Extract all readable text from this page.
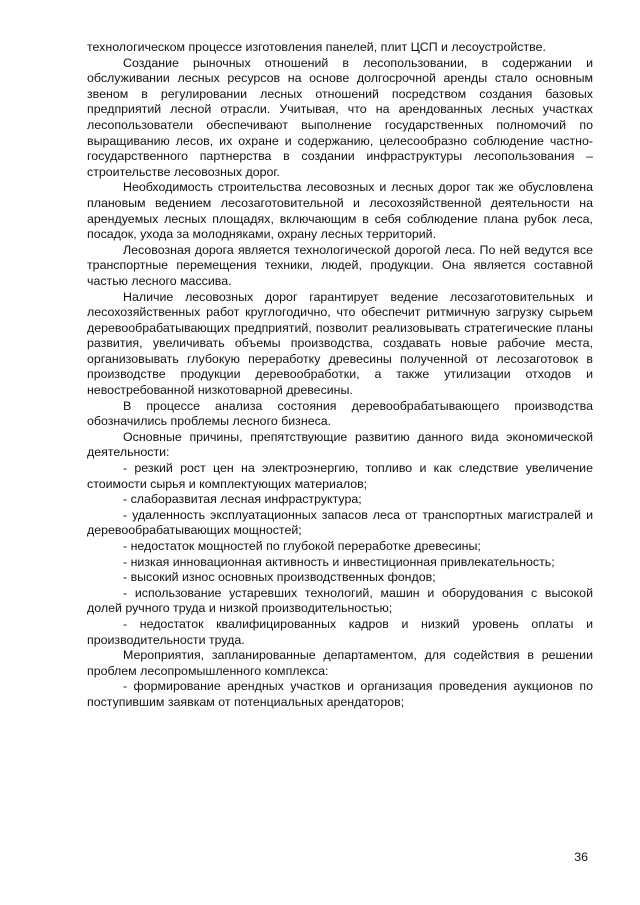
технологическом процессе изготовления панелей, плит ЦСП и лесоустройстве.

Создание рыночных отношений в лесопользовании, в содержании и обслуживании лесных ресурсов на основе долгосрочной аренды стало основным звеном в регулировании лесных отношений посредством создания базовых предприятий лесной отрасли. Учитывая, что на арендованных лесных участках лесопользователи обеспечивают выполнение государственных полномочий по выращиванию лесов, их охране и содержанию, целесообразно соблюдение частно-государственного партнерства в создании инфраструктуры лесопользования – строительстве лесовозных дорог.

Необходимость строительства лесовозных и лесных дорог так же обусловлена плановым ведением лесозаготовительной и лесохозяйственной деятельности на арендуемых лесных площадях, включающим в себя соблюдение плана рубок леса, посадок, ухода за молодняками, охрану лесных территорий.

Лесовозная дорога является технологической дорогой леса. По ней ведутся все транспортные перемещения техники, людей, продукции. Она является составной частью лесного массива.

Наличие лесовозных дорог гарантирует ведение лесозаготовительных и лесохозяйственных работ круглогодично, что обеспечит ритмичную загрузку сырьем деревообрабатывающих предприятий, позволит реализовывать стратегические планы развития, увеличивать объемы производства, создавать новые рабочие места, организовывать глубокую переработку древесины полученной от лесозаготовок в производстве продукции деревообработки, а также утилизации отходов и невостребованной низкотоварной древесины.

В процессе анализа состояния деревообрабатывающего производства обозначились проблемы лесного бизнеса.

Основные причины, препятствующие развитию данного вида экономической деятельности:

- резкий рост цен на электроэнергию, топливо и как следствие увеличение стоимости сырья и комплектующих материалов;

- слаборазвитая лесная инфраструктура;

- удаленность эксплуатационных запасов леса от транспортных магистралей и деревообрабатывающих мощностей;

- недостаток мощностей по глубокой переработке древесины;

- низкая инновационная активность и инвестиционная привлекательность;

- высокий износ основных производственных фондов;

- использование устаревших технологий, машин и оборудования с высокой долей ручного труда и низкой производительностью;

- недостаток квалифицированных кадров и низкий уровень оплаты и производительности труда.

Мероприятия, запланированные департаментом, для содействия в решении проблем лесопромышленного комплекса:

- формирование арендных участков и организация проведения аукционов по поступившим заявкам от потенциальных арендаторов;

36
